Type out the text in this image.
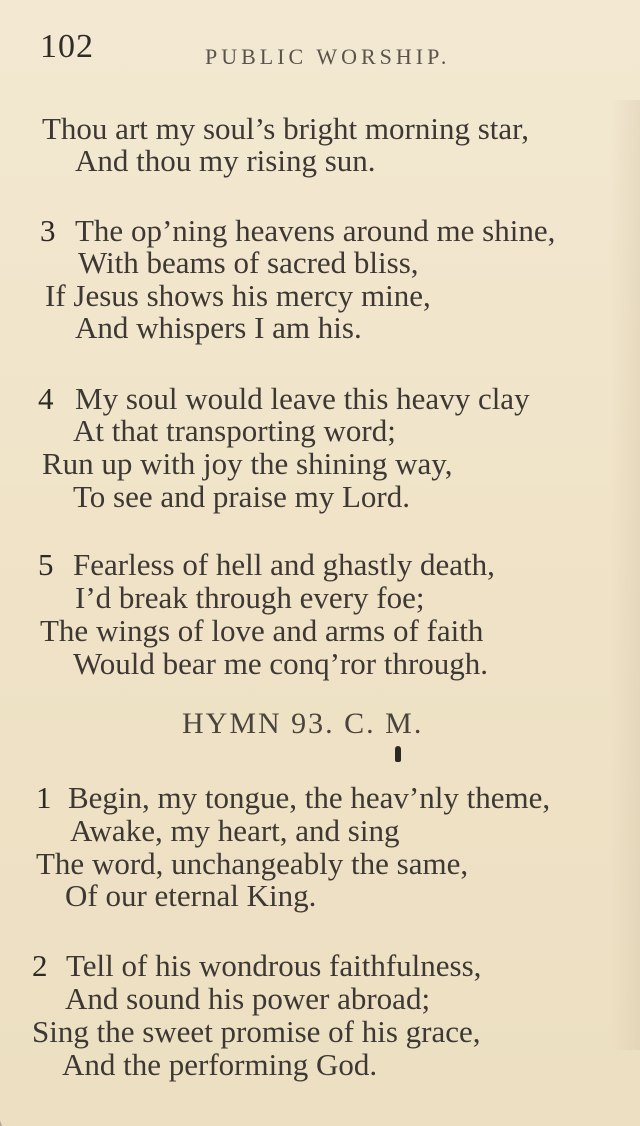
102	PUBLIC WORSHIP.
Thou art my soul’s bright morning star,
And thou my rising sun.
3 The op’ning heavens around me shine,
With beams of sacred bliss,
If Jesus shows his mercy mine,
And whispers I am his.
4 My soul would leave this heavy clay
At that transporting word;
Run up with joy the shining way,
To see and praise my Lord.
5 Fearless of hell and ghastly death,
I’d break through every foe;
The wings of love and arms of faith
Would bear me conq’ror through.
HYMN 93. C. M.
1 Begin, my tongue, the heav’nly theme,
Awake, my heart, and sing
The word, unchangeably the same,
Of our eternal King.
2 Tell of his wondrous faithfulness,
And sound his power abroad;
Sing the sweet promise of his grace,
And the performing God.
